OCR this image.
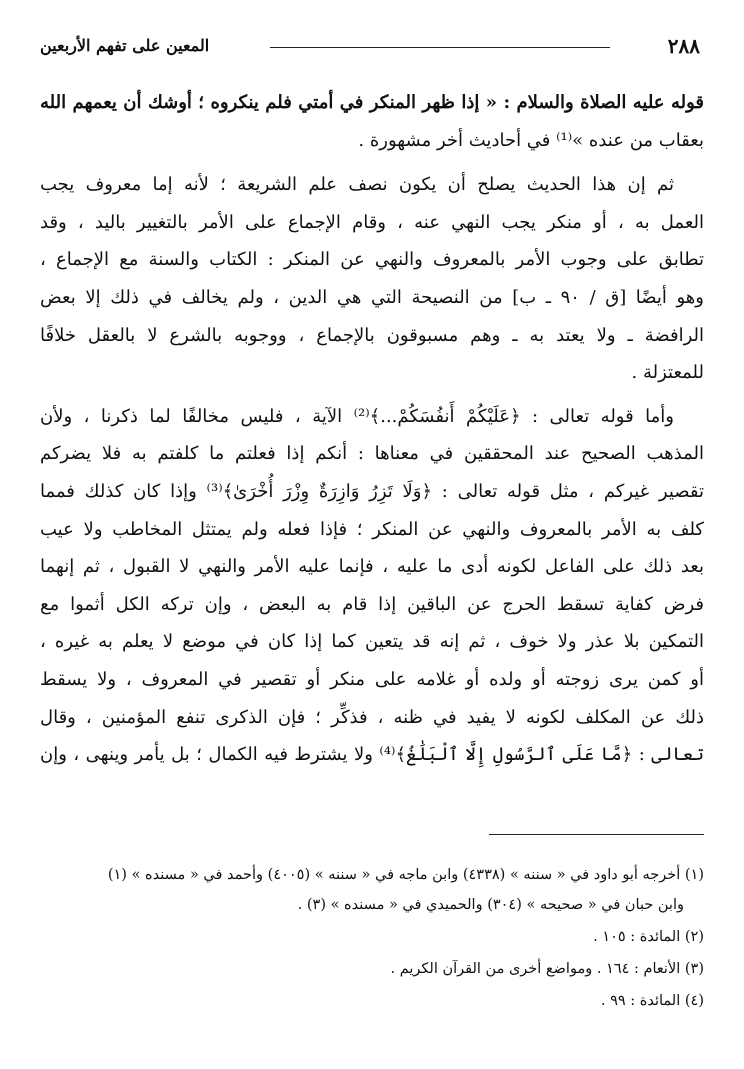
٢٨٨
المعين على تفهم الأربعين

قوله عليه الصلاة والسلام : « إذا ظهر المنكر في أمتي فلم ينكروه ؛ أوشك أن يعمهم الله
بعقاب من عنده »⁽¹⁾ في أحاديث أخر مشهورة .

ثم إن هذا الحديث يصلح أن يكون نصف علم الشريعة ؛ لأنه إما معروف يجب
العمل به ، أو منكر يجب النهي عنه ، وقام الإجماع على الأمر بالتغيير باليد ، وقد
تطابق على وجوب الأمر بالمعروف والنهي عن المنكر : الكتاب والسنة مع الإجماع ،
وهو أيضًا [ق / ٩٠ ـ ب] من النصيحة التي هي الدين ، ولم يخالف في ذلك إلا بعض
الرافضة ـ ولا يعتد به ـ وهم مسبوقون بالإجماع ، ووجوبه بالشرع لا بالعقل خلافًا
للمعتزلة .

وأما قوله تعالى : ﴿عَلَيْكُمْ أَنفُسَكُمْ...﴾⁽²⁾ الآية ، فليس مخالفًا لما ذكرنا ، ولأن
المذهب الصحيح عند المحققين في معناها : أنكم إذا فعلتم ما كلفتم به فلا يضركم
تقصير غيركم ، مثل قوله تعالى : ﴿وَلَا تَزِرُ وَازِرَةٌ وِزْرَ أُخْرَىٰ﴾⁽³⁾ وإذا كان كذلك فمما
كلف به الأمر بالمعروف والنهي عن المنكر ؛ فإذا فعله ولم يمتثل المخاطب ولا عيب
بعد ذلك على الفاعل لكونه أدى ما عليه ، فإنما عليه الأمر والنهي لا القبول ، ثم إنهما
فرض كفاية تسقط الحرج عن الباقين إذا قام به البعض ، وإن تركه الكل أثموا مع
التمكين بلا عذر ولا خوف ، ثم إنه قد يتعين كما إذا كان في موضع لا يعلم به غيره ،
أو كمن يرى زوجته أو ولده أو غلامه على منكر أو تقصير في المعروف ، ولا يسقط
ذلك عن المكلف لكونه لا يفيد في ظنه ، فذكِّر ؛ فإن الذكرى تنفع المؤمنين ، وقال
تعالى : ﴿مَّا عَلَى ٱلرَّسُولِ إِلَّا ٱلْبَلَٰغُ﴾⁽⁴⁾ ولا يشترط فيه الكمال ؛ بل يأمر وينهى ، وإن

(١) أخرجه أبو داود في « سننه » (٤٣٣٨) وابن ماجه في « سننه » (٤٠٠٥) وأحمد في « مسنده » (١)
وابن حبان في « صحيحه » (٣٠٤) والحميدي في « مسنده » (٣) .

(٢) المائدة : ١٠٥ .

(٣) الأنعام : ١٦٤ . ومواضع أخرى من القرآن الكريم .

(٤) المائدة : ٩٩ .
